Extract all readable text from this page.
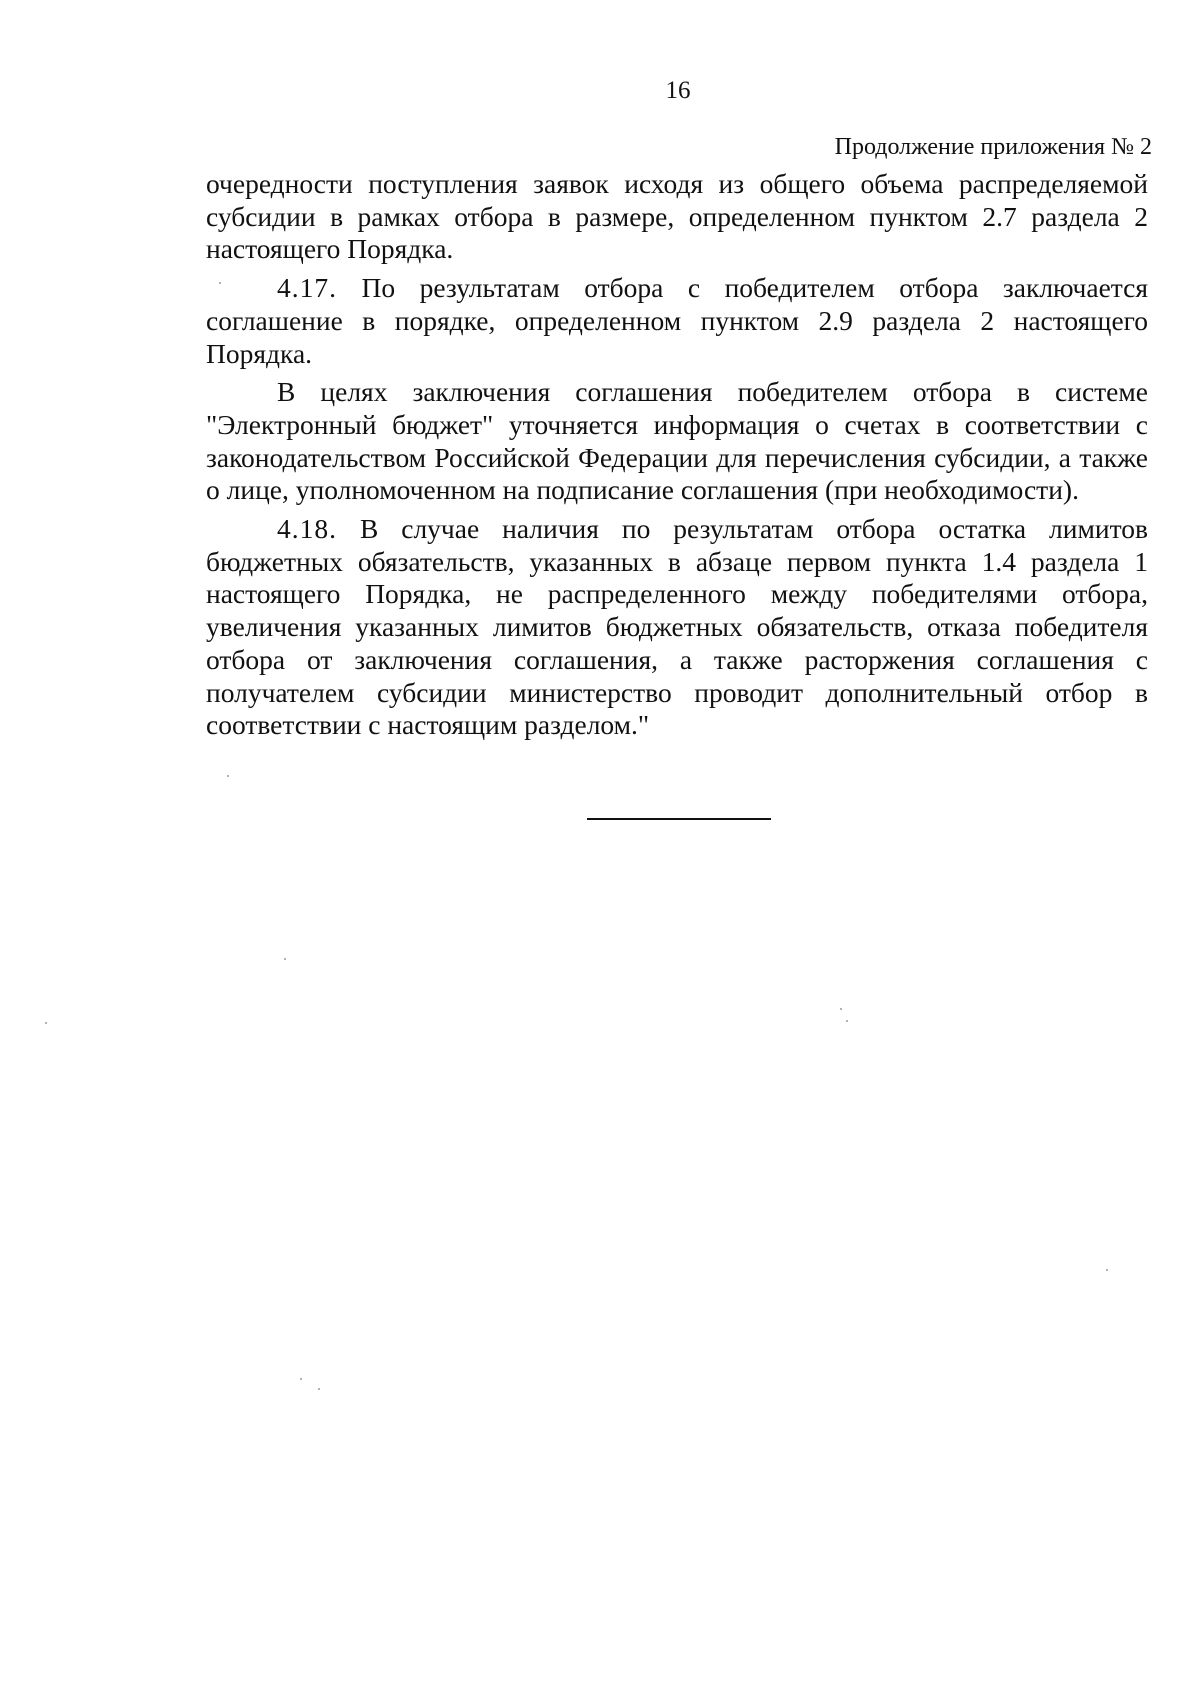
16
Продолжение приложения № 2

очередности поступления заявок исходя из общего объема распределяемой субсидии в рамках отбора в размере, определенном пунктом 2.7 раздела 2 настоящего Порядка.

4.17. По результатам отбора с победителем отбора заключается соглашение в порядке, определенном пунктом 2.9 раздела 2 настоящего Порядка.

В целях заключения соглашения победителем отбора в системе "Электронный бюджет" уточняется информация о счетах в соответствии с законодательством Российской Федерации для перечисления субсидии, а также о лице, уполномоченном на подписание соглашения (при необходимости).

4.18. В случае наличия по результатам отбора остатка лимитов бюджетных обязательств, указанных в абзаце первом пункта 1.4 раздела 1 настоящего Порядка, не распределенного между победителями отбора, увеличения указанных лимитов бюджетных обязательств, отказа победителя отбора от заключения соглашения, а также расторжения соглашения с получателем субсидии министерство проводит дополнительный отбор в соответствии с настоящим разделом."
